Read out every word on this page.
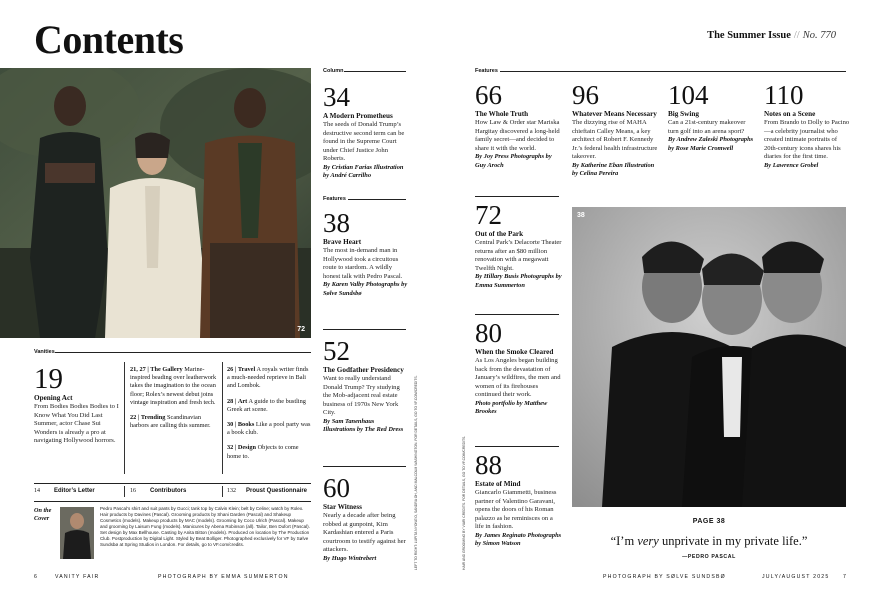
Contents	The Summer Issue // No. 770
72
Vanities
19
Opening Act
From Bodies Bodies Bodies to I Know What You Did Last Summer, actor Chase Sui Wonders is already a pro at navigating Hollywood horrors.
21, 27 | The Gallery Marine-inspired beading over leatherwork takes the imagination to the ocean floor; Rolex’s newest debut joins vintage inspiration and fresh tech.
22 | Trending Scandinavian harbors are calling this summer.
26 | Travel A royals writer finds a much-needed reprieve in Bali and Lombok.
28 | Art A guide to the bustling Greek art scene.
30 | Books Like a pool party was a book club.
32 | Design Objects to come home to.
14 Editor’s Letter	16 Contributors	132 Proust Questionnaire
On the Cover
Pedro Pascal’s shirt and suit pants by Gucci; tank top by Calvin Klein; belt by Celine; watch by Rolex. Hair products by Davines (Pascal). Grooming products by Shani Darden (Pascal) and Shakeup Cosmetics (models). Makeup products by MAC (models). Grooming by Coco Ulrich (Pascal). Makeup and grooming by Laisum Fung (models). Manicures by Abena Robinson (all). Tailor, Ben Dufort (Pascal). Set design by Max Bellhouse. Casting by Anita Bitton (models). Produced on location by The Production Club. Postproduction by Digital Light. Styled by Beat Bolliger. Photographed exclusively for VF by Sølve Sundsbø at Spring Studios in London. For details, go to VF.com/credits.	LEFT TO RIGHT: LUPITA NYONG’O, SANDRA OH, AND MALCOLM WASHINGTON. FOR DETAILS, GO TO VF.COM/CREDITS.	HAIR AND GROOMING BY VIARI CREDITS. FOR DETAILS, GO TO VF.COM/CREDITS.
Column
34
A Modern Prometheus
The seeds of Donald Trump’s destructive second term can be found in the Supreme Court under Chief Justice John Roberts.
By Cristian Farias Illustration by André Carrilho
Features
38
Brave Heart
The most in-demand man in Hollywood took a circuitous route to stardom. A wildly honest talk with Pedro Pascal.
By Karen Valby Photographs by Sølve Sundsbø
52
The Godfather Presidency
Want to really understand Donald Trump? Try studying the Mob-adjacent real estate business of 1970s New York City.
By Sam Tanenhaus Illustrations by The Red Dress
60
Star Witness
Nearly a decade after being robbed at gunpoint, Kim Kardashian entered a Paris courtroom to testify against her attackers.
By Hugo Wintrebert
Features
66
The Whole Truth
How Law & Order star Mariska Hargitay discovered a long-held family secret—and decided to share it with the world.
By Joy Press Photographs by Guy Aroch
96
Whatever Means Necessary
The dizzying rise of MAHA chieftain Calley Means, a key architect of Robert F. Kennedy Jr.’s federal health infrastructure takeover.
By Katherine Eban Illustration by Celina Pereira
104
Big Swing
Can a 21st-century makeover turn golf into an arena sport?
By Andrew Zaleski Photographs by Rose Marie Cromwell
110
Notes on a Scene
From Brando to Dolly to Pacino—a celebrity journalist who created intimate portraits of 20th-century icons shares his diaries for the first time.
By Lawrence Grobel
72
Out of the Park
Central Park’s Delacorte Theater returns after an $80 million renovation with a megawatt Twelfth Night.
By Hillary Busis Photographs by Emma Summerton
80
When the Smoke Cleared
As Los Angeles began building back from the devastation of January’s wildfires, the men and women of its firehouses continued their work.
Photo portfolio by Matthew Brookes
88
Estate of Mind
Giancarlo Giammetti, business partner of Valentino Garavani, opens the doors of his Roman palazzo as he reminisces on a life in fashion.
By James Reginato Photographs by Simon Watson
38
PAGE 38
“I’m very unprivate in my private life.”
—PEDRO PASCAL
6	VANITY FAIR	PHOTOGRAPH BY EMMA SUMMERTON	PHOTOGRAPH BY SØLVE SUNDSBØ	JULY/AUGUST 2025	7
